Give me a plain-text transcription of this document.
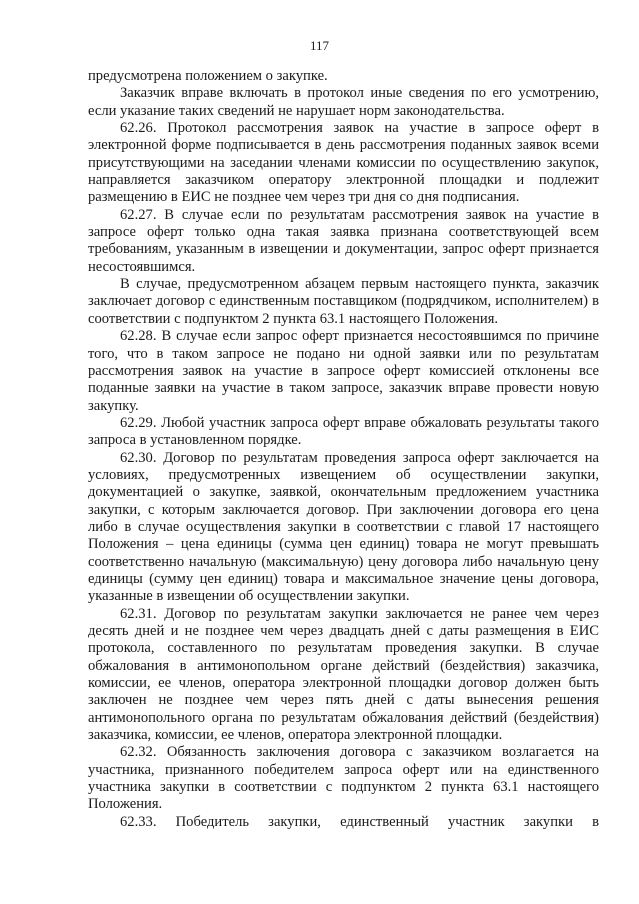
117

предусмотрена положением о закупке.

Заказчик вправе включать в протокол иные сведения по его усмотрению, если указание таких сведений не нарушает норм законодательства.

62.26. Протокол рассмотрения заявок на участие в запросе оферт в электронной форме подписывается в день рассмотрения поданных заявок всеми присутствующими на заседании членами комиссии по осуществлению закупок, направляется заказчиком оператору электронной площадки и подлежит размещению в ЕИС не позднее чем через три дня со дня подписания.

62.27. В случае если по результатам рассмотрения заявок на участие в запросе оферт только одна такая заявка признана соответствующей всем требованиям, указанным в извещении и документации, запрос оферт признается несостоявшимся.

В случае, предусмотренном абзацем первым настоящего пункта, заказчик заключает договор с единственным поставщиком (подрядчиком, исполнителем) в соответствии с подпунктом 2 пункта 63.1 настоящего Положения.

62.28. В случае если запрос оферт признается несостоявшимся по причине того, что в таком запросе не подано ни одной заявки или по результатам рассмотрения заявок на участие в запросе оферт комиссией отклонены все поданные заявки на участие в таком запросе, заказчик вправе провести новую закупку.

62.29. Любой участник запроса оферт вправе обжаловать результаты такого запроса в установленном порядке.

62.30. Договор по результатам проведения запроса оферт заключается на условиях, предусмотренных извещением об осуществлении закупки, документацией о закупке, заявкой, окончательным предложением участника закупки, с которым заключается договор. При заключении договора его цена либо в случае осуществления закупки в соответствии с главой 17 настоящего Положения – цена единицы (сумма цен единиц) товара не могут превышать соответственно начальную (максимальную) цену договора либо начальную цену единицы (сумму цен единиц) товара и максимальное значение цены договора, указанные в извещении об осуществлении закупки.

62.31. Договор по результатам закупки заключается не ранее чем через десять дней и не позднее чем через двадцать дней с даты размещения в ЕИС протокола, составленного по результатам проведения закупки. В случае обжалования в антимонопольном органе действий (бездействия) заказчика, комиссии, ее членов, оператора электронной площадки договор должен быть заключен не позднее чем через пять дней с даты вынесения решения антимонопольного органа по результатам обжалования действий (бездействия) заказчика, комиссии, ее членов, оператора электронной площадки.

62.32. Обязанность заключения договора с заказчиком возлагается на участника, признанного победителем запроса оферт или на единственного участника закупки в соответствии с подпунктом 2 пункта 63.1 настоящего Положения.

62.33. Победитель закупки, единственный участник закупки в
